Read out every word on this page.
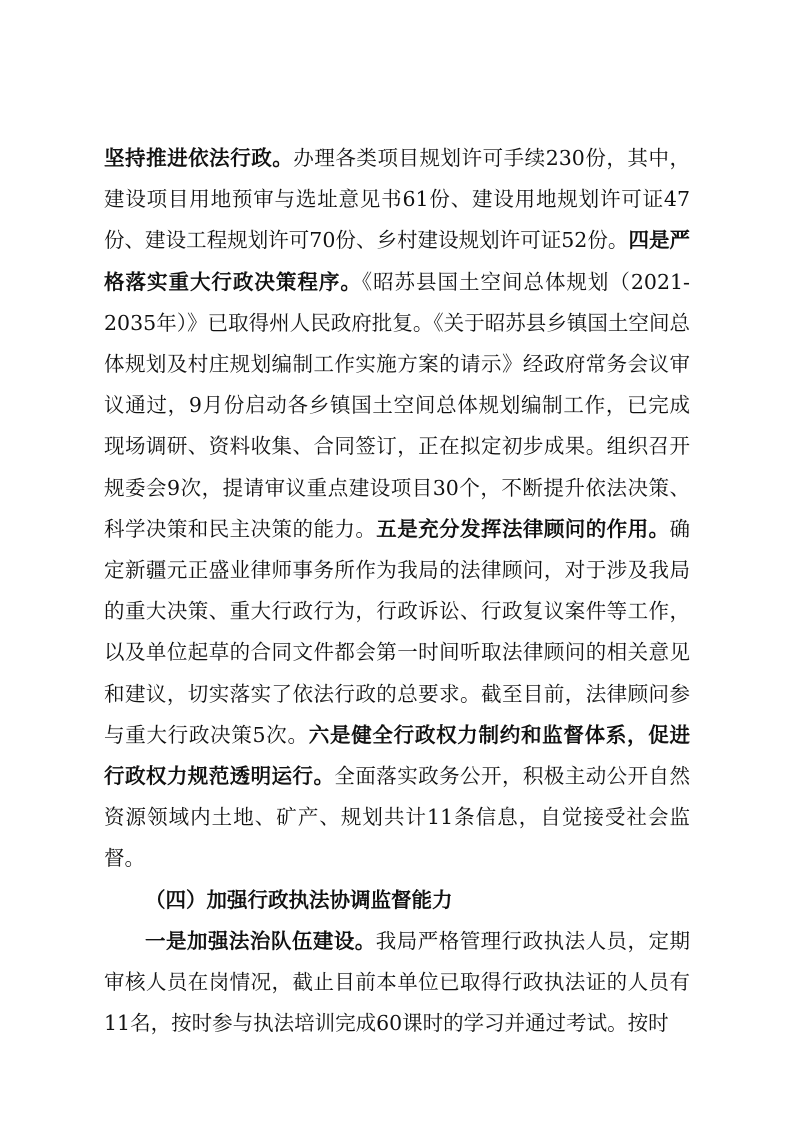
坚持推进依法行政。办理各类项目规划许可手续230份，其中，建设项目用地预审与选址意见书61份、建设用地规划许可证47份、建设工程规划许可70份、乡村建设规划许可证52份。四是严格落实重大行政决策程序。《昭苏县国土空间总体规划（2021-2035年）》已取得州人民政府批复。《关于昭苏县乡镇国土空间总体规划及村庄规划编制工作实施方案的请示》经政府常务会议审议通过，9月份启动各乡镇国土空间总体规划编制工作，已完成现场调研、资料收集、合同签订，正在拟定初步成果。组织召开规委会9次，提请审议重点建设项目30个，不断提升依法决策、科学决策和民主决策的能力。五是充分发挥法律顾问的作用。确定新疆元正盛业律师事务所作为我局的法律顾问，对于涉及我局的重大决策、重大行政行为，行政诉讼、行政复议案件等工作，以及单位起草的合同文件都会第一时间听取法律顾问的相关意见和建议，切实落实了依法行政的总要求。截至目前，法律顾问参与重大行政决策5次。六是健全行政权力制约和监督体系，促进行政权力规范透明运行。全面落实政务公开，积极主动公开自然资源领域内土地、矿产、规划共计11条信息，自觉接受社会监督。

（四）加强行政执法协调监督能力

一是加强法治队伍建设。我局严格管理行政执法人员，定期审核人员在岗情况，截止目前本单位已取得行政执法证的人员有11名，按时参与执法培训完成60课时的学习并通过考试。按时
